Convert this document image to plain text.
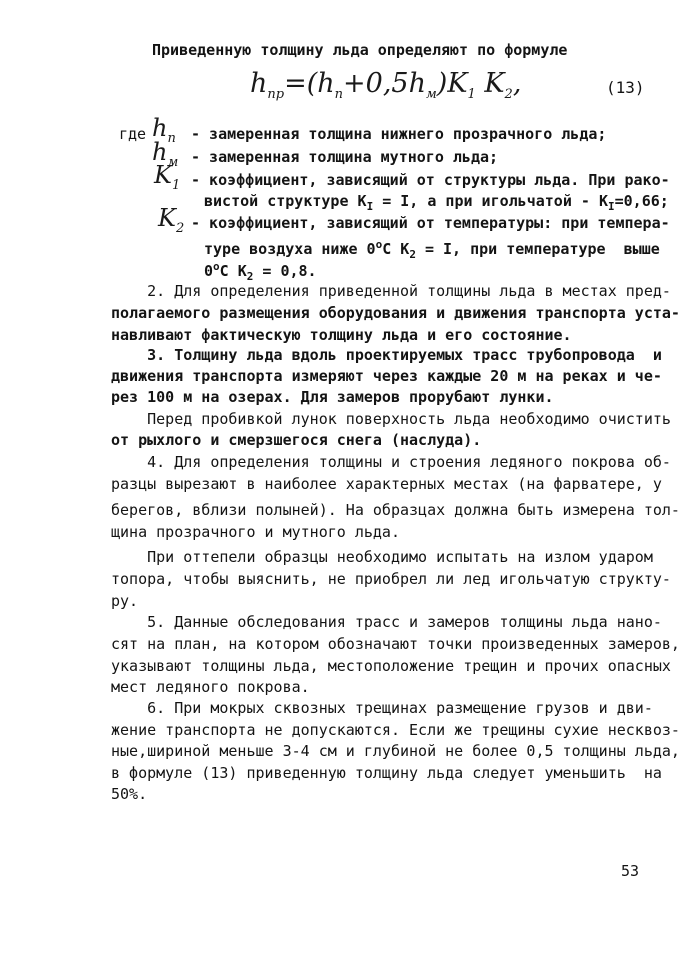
Приведенную толщину льда определяют по формуле
$h_{пр}=(h_п+0,5h_м)K_1$ $K_2$,	(13)
где $h_п$ - замеренная толщина нижнего прозрачного льда;
$h_м$ - замеренная толщина мутного льда;
$K_1$ - коэффициент, зависящий от структуры льда. При рако-
вистой структуре $К_I = I$, а при игольчатой - $К_I=0,66$;
$K_2$ - коэффициент, зависящий от температуры: при темпера-
туре воздуха ниже $0^оС$ $К_2 = I$, при температуре  выше
$0^оС$ $К_2 = 0,8$.
2. Для определения приведенной толщины льда в местах пред-
полагаемого размещения оборудования и движения транспорта уста-
навливают фактическую толщину льда и его состояние.
3. Толщину льда вдоль проектируемых трасс трубопровода  и
движения транспорта измеряют через каждые 20 м на реках и че-
рез 100 м на озерах. Для замеров прорубают лунки.
Перед пробивкой лунок поверхность льда необходимо очистить
от рыхлого и смерзшегося снега (наслуда).
4. Для определения толщины и строения ледяного покрова об-
разцы вырезают в наиболее характерных местах (на фарватере, у
берегов, вблизи полыней). На образцах должна быть измерена тол-
щина прозрачного и мутного льда.
При оттепели образцы необходимо испытать на излом ударом
топора, чтобы выяснить, не приобрел ли лед игольчатую структу-
ру.
5. Данные обследования трасс и замеров толщины льда нано-
сят на план, на котором обозначают точки произведенных замеров,
указывают толщины льда, местоположение трещин и прочих опасных
мест ледяного покрова.
6. При мокрых сквозных трещинах размещение грузов и дви-
жение транспорта не допускаются. Если же трещины сухие несквоз-
ные,шириной меньше 3-4 см и глубиной не более 0,5 толщины льда,
в формуле (13) приведенную толщину льда следует уменьшить  на
50%.
53
